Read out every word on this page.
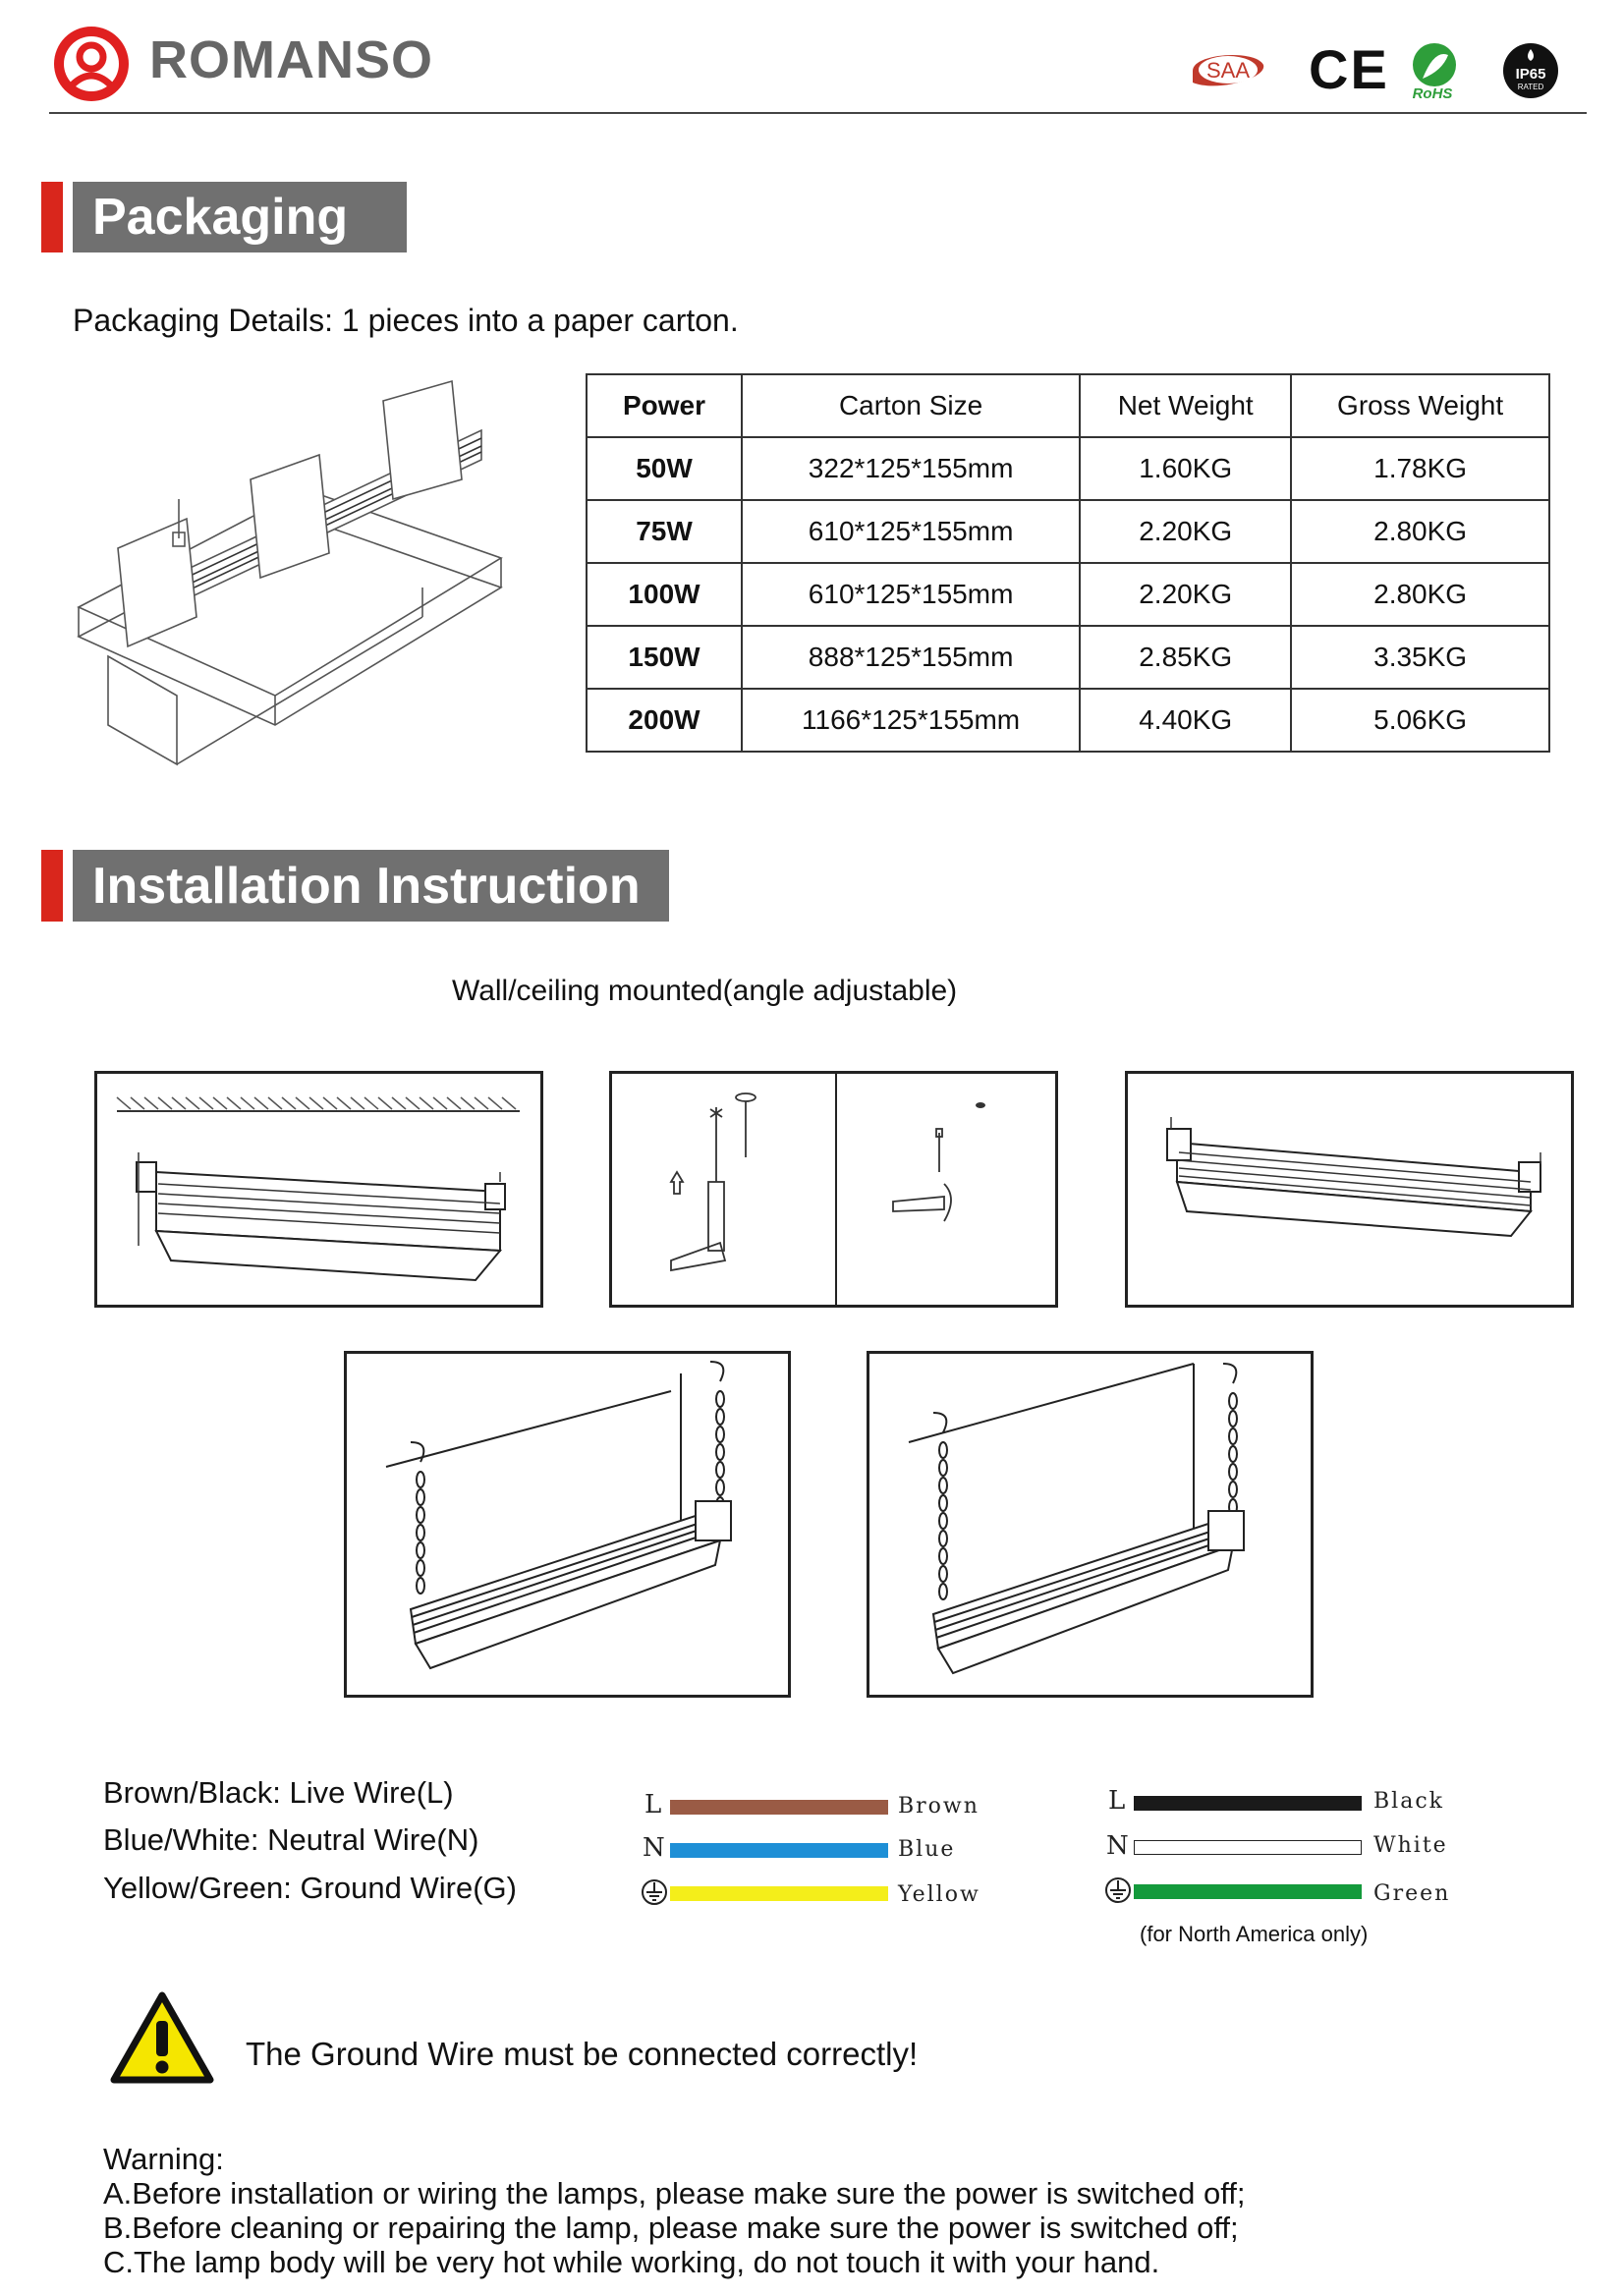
ROMANSO	SAA CE RoHS
IP65
RATED
Packaging
Packaging Details: 1 pieces into a paper carton.
Power	Carton Size	Net Weight	Gross Weight
50W	322*125*155mm	1.60KG	1.78KG
75W	610*125*155mm	2.20KG	2.80KG
100W	610*125*155mm	2.20KG	2.80KG
150W	888*125*155mm	2.85KG	3.35KG
200W	1166*125*155mm	4.40KG	5.06KG
Installation Instruction
Wall/ceiling mounted(angle adjustable)
Brown/Black: Live Wire(L)
Blue/White: Neutral Wire(N)
Yellow/Green: Ground Wire(G)
L	Brown
N	Blue
Yellow
L	Black
N	White
Green
(for North America only)
The Ground Wire must be connected correctly!
Warning:
A.Before installation or wiring the lamps, please make sure the power is switched off;
B.Before cleaning or repairing the lamp, please make sure the power is switched off;
C.The lamp body will be very hot while working, do not touch it with your hand.
